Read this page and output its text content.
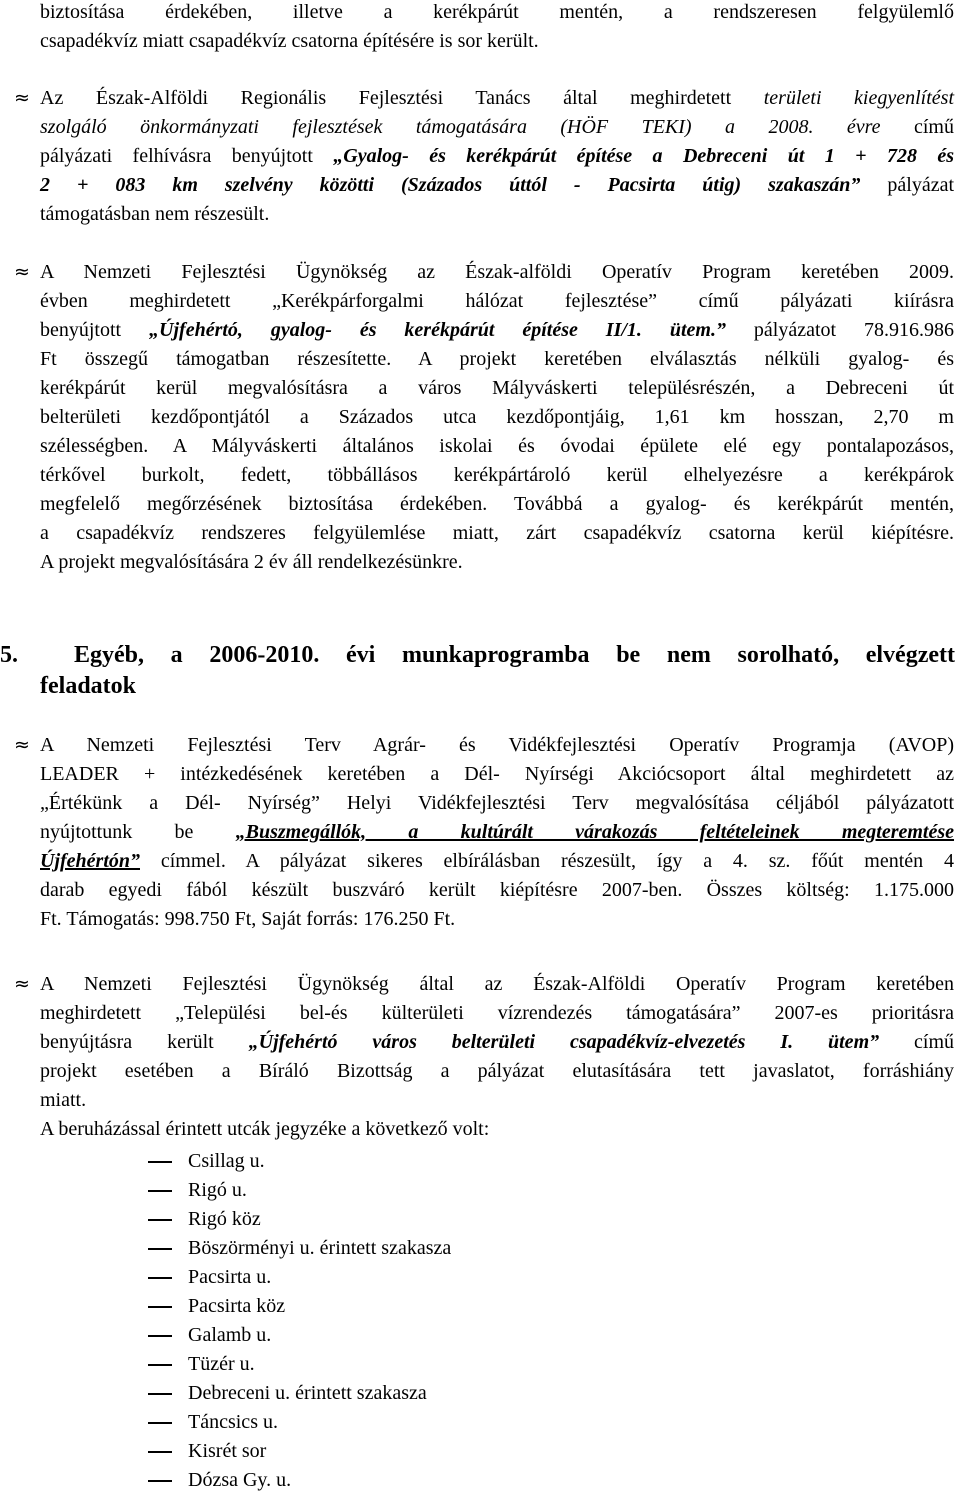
biztosítása érdekében, illetve a kerékpárút mentén, a rendszeresen felgyülemlő
csapadékvíz miatt csapadékvíz csatorna építésére is sor került.
≈ Az Észak-Alföldi Regionális Fejlesztési Tanács által meghirdetett területi kiegyenlítést
szolgáló önkormányzati fejlesztések támogatására (HÖF TEKI) a 2008. évre című
pályázati felhívásra benyújtott „Gyalog- és kerékpárút építése a Debreceni út 1 + 728 és
2 + 083 km szelvény közötti (Százados úttól - Pacsirta útig) szakaszán” pályázat
támogatásban nem részesült.
≈ A Nemzeti Fejlesztési Ügynökség az Észak-alföldi Operatív Program keretében 2009.
évben meghirdetett „Kerékpárforgalmi hálózat fejlesztése” című pályázati kiírásra
benyújtott „Újfehértó, gyalog- és kerékpárút építése II/1. ütem.” pályázatot 78.916.986
Ft összegű támogatban részesítette. A projekt keretében elválasztás nélküli gyalog- és
kerékpárút kerül megvalósításra a város Mályváskerti településrészén, a Debreceni út
belterületi kezdőpontjától a Százados utca kezdőpontjáig, 1,61 km hosszan, 2,70 m
szélességben. A Mályváskerti általános iskolai és óvodai épülete elé egy pontalapozásos,
térkővel burkolt, fedett, többállásos kerékpártároló kerül elhelyezésre a kerékpárok
megfelelő megőrzésének biztosítása érdekében. Továbbá a gyalog- és kerékpárút mentén,
a csapadékvíz rendszeres felgyülemlése miatt, zárt csapadékvíz csatorna kerül kiépítésre.
A projekt megvalósítására 2 év áll rendelkezésünkre.
5.	Egyéb, a 2006-2010. évi munkaprogramba be nem sorolható, elvégzett
feladatok
≈ A Nemzeti Fejlesztési Terv Agrár- és Vidékfejlesztési Operatív Programja (AVOP)
LEADER + intézkedésének keretében a Dél- Nyírségi Akciócsoport által meghirdetett az
„Értékünk a Dél- Nyírség” Helyi Vidékfejlesztési Terv megvalósítása céljából pályázatott
nyújtottunk be „Buszmegállók, a kultúrált várakozás feltételeinek megteremtése
Újfehértón” címmel. A pályázat sikeres elbírálásban részesült, így a 4. sz. főút mentén 4
darab egyedi fából készült buszváró került kiépítésre 2007-ben. Összes költség: 1.175.000
Ft. Támogatás: 998.750 Ft, Saját forrás: 176.250 Ft.
≈ A Nemzeti Fejlesztési Ügynökség által az Észak-Alföldi Operatív Program keretében
meghirdetett „Települési bel-és külterületi vízrendezés támogatására” 2007-es prioritásra
benyújtásra került „Újfehértó város belterületi csapadékvíz-elvezetés I. ütem” című
projekt esetében a Bíráló Bizottság a pályázat elutasítására tett javaslatot, forráshiány
miatt.
A beruházással érintett utcák jegyzéke a következő volt:
Csillag u.
Rigó u.
Rigó köz
Böszörményi u. érintett szakasza
Pacsirta u.
Pacsirta köz
Galamb u.
Tüzér u.
Debreceni u. érintett szakasza
Táncsics u.
Kisrét sor
Dózsa Gy. u.
